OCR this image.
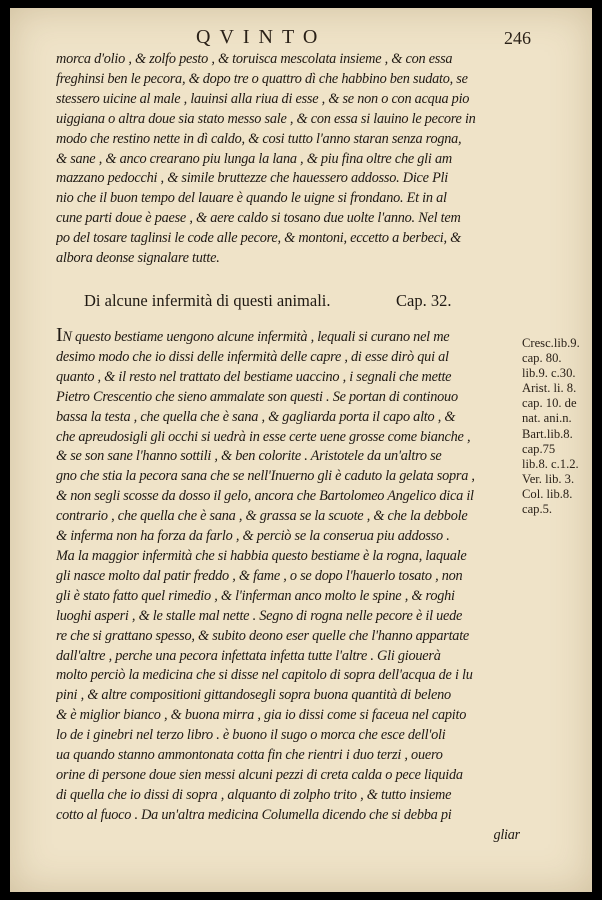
QVINTO	246
morca d'olio , & zolfo pesto , & toruisca mescolata insieme , & con essa
freghinsi ben le pecora, & dopo tre o quattro dì che habbino ben sudato, se
stessero uicine al male , lauinsi alla riua di esse , & se non o con acqua pio
uiggiana o altra doue sia stato messo sale , & con essa si lauino le pecore in
modo che restino nette in dì caldo, & cosi tutto l'anno staran senza rogna,
& sane , & anco crearano piu lunga la lana , & piu fina oltre che gli am
mazzano pedocchi , & simile bruttezze che hauessero addosso. Dice Pli
nio che il buon tempo del lauare è quando le uigne si frondano. Et in al
cune parti doue è paese , & aere caldo si tosano due uolte l'anno. Nel tem
po del tosare taglinsi le code alle pecore, & montoni, eccetto a berbeci, &
albora deonse signalare tutte.
Di alcune infermità di questi animali.	Cap. 32.
IN questo bestiame uengono alcune infermità , lequali si curano nel me
desimo modo che io dissi delle infermità delle capre , di esse dirò qui al
quanto , & il resto nel trattato del bestiame uaccino , i segnali che mette
Pietro Crescentio che sieno ammalate son questi . Se portan di continouo
bassa la testa , che quella che è sana , & gagliarda porta il capo alto , &
che apreudosigli gli occhi si uedrà in esse certe uene grosse come bianche ,
& se son sane l'hanno sottili , & ben colorite . Aristotele da un'altro se
gno che stia la pecora sana che se nell'Inuerno gli è caduto la gelata sopra ,
& non segli scosse da dosso il gelo, ancora che Bartolomeo Angelico dica il
contrario , che quella che è sana , & grassa se la scuote , & che la debbole
& inferma non ha forza da farlo , & perciò se la conserua piu addosso .
Ma la maggior infermità che si habbia questo bestiame è la rogna, laquale
gli nasce molto dal patir freddo , & fame , o se dopo l'hauerlo tosato , non
gli è stato fatto quel rimedio , & l'inferman anco molto le spine , & roghi
luoghi asperi , & le stalle mal nette . Segno di rogna nelle pecore è il uede
re che si grattano spesso, & subito deono eser quelle che l'hanno appartate
dall'altre , perche una pecora infettata infetta tutte l'altre . Gli giouerà
molto perciò la medicina che si disse nel capitolo di sopra dell'acqua de i lu
pini , & altre compositioni gittandosegli sopra buona quantità di beleno
& è miglior bianco , & buona mirra , gia io dissi come si faceua nel capito
lo de i ginebri nel terzo libro . è buono il sugo o morca che esce dell'oli
ua quando stanno ammontonata cotta fin che rientri i duo terzi , ouero
orine di persone doue sien messi alcuni pezzi di creta calda o pece liquida
di quella che io dissi di sopra , alquanto di zolpho trito , & tutto insieme
cotto al fuoco . Da un'altra medicina Columella dicendo che si debba pi
gliar
Cresc.lib.9.
cap. 80.
lib.9. c.30.
Arist. li. 8.
cap. 10. de
nat. ani.n.
Bart.lib.8.
cap.75
lib.8. c.1.2.
Ver. lib. 3.
Col. lib.8.
cap.5.
